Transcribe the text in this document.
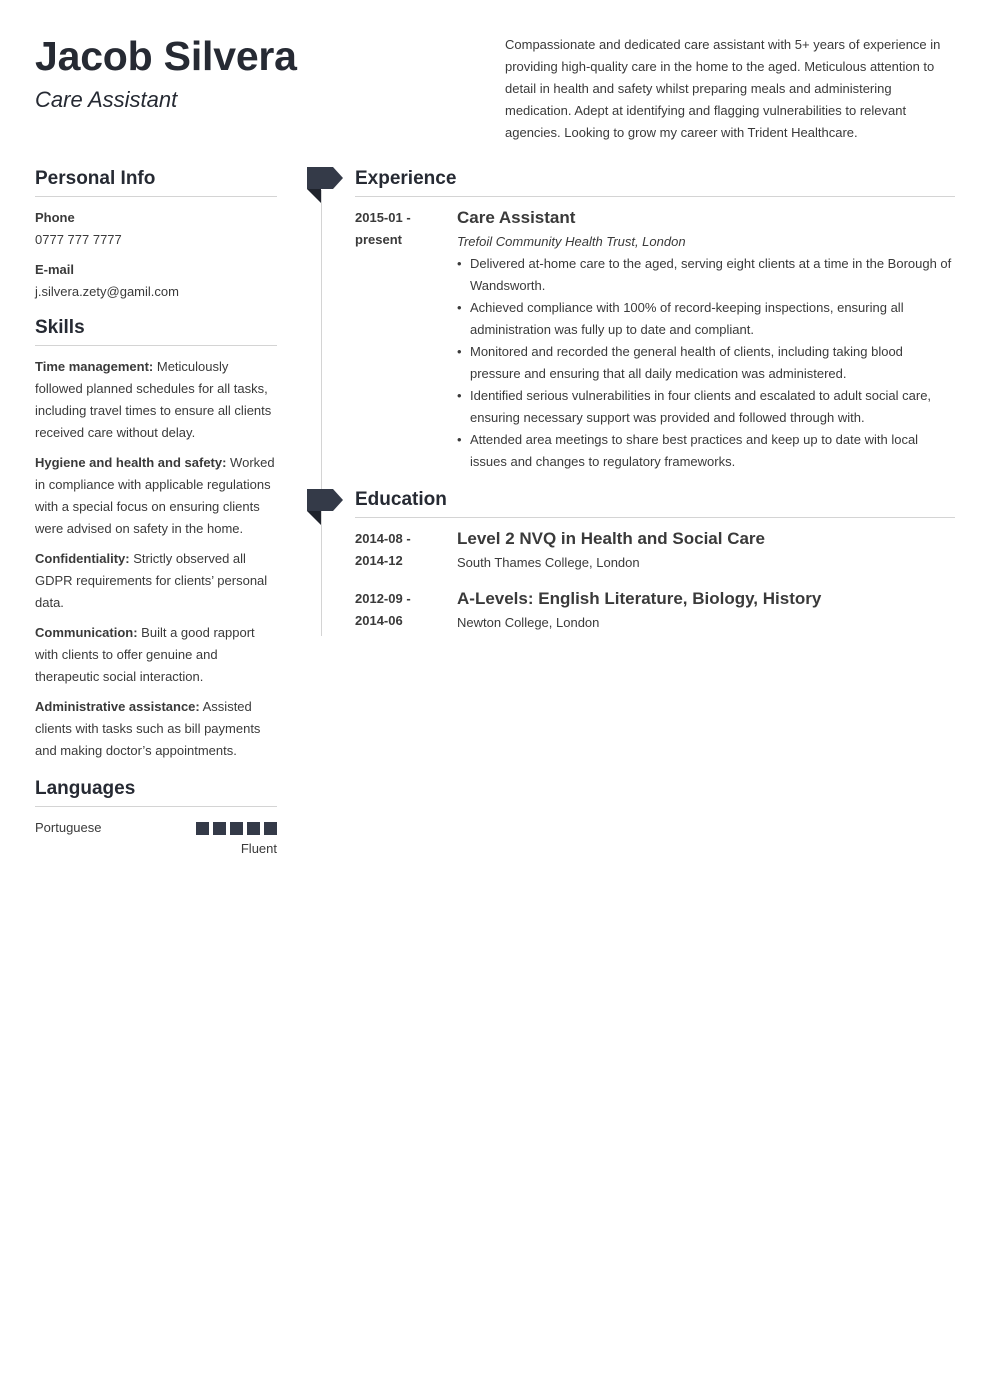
Jacob Silvera
Care Assistant
Compassionate and dedicated care assistant with 5+ years of experience in providing high-quality care in the home to the aged. Meticulous attention to detail in health and safety whilst preparing meals and administering medication. Adept at identifying and flagging vulnerabilities to relevant agencies. Looking to grow my career with Trident Healthcare.
Personal Info
Phone
0777 777 7777
E-mail
j.silvera.zety@gamil.com
Skills
Time management: Meticulously followed planned schedules for all tasks, including travel times to ensure all clients received care without delay.
Hygiene and health and safety: Worked in compliance with applicable regulations with a special focus on ensuring clients were advised on safety in the home.
Confidentiality: Strictly observed all GDPR requirements for clients’ personal data.
Communication: Built a good rapport with clients to offer genuine and therapeutic social interaction.
Administrative assistance: Assisted clients with tasks such as bill payments and making doctor’s appointments.
Languages
Portuguese
Fluent
Experience
2015-01 -
present
Care Assistant
Trefoil Community Health Trust, London
• Delivered at-home care to the aged, serving eight clients at a time in the Borough of Wandsworth.
• Achieved compliance with 100% of record-keeping inspections, ensuring all administration was fully up to date and compliant.
• Monitored and recorded the general health of clients, including taking blood pressure and ensuring that all daily medication was administered.
• Identified serious vulnerabilities in four clients and escalated to adult social care, ensuring necessary support was provided and followed through with.
• Attended area meetings to share best practices and keep up to date with local issues and changes to regulatory frameworks.
Education
2014-08 -
2014-12
Level 2 NVQ in Health and Social Care
South Thames College, London
2012-09 -
2014-06
A-Levels: English Literature, Biology, History
Newton College, London
